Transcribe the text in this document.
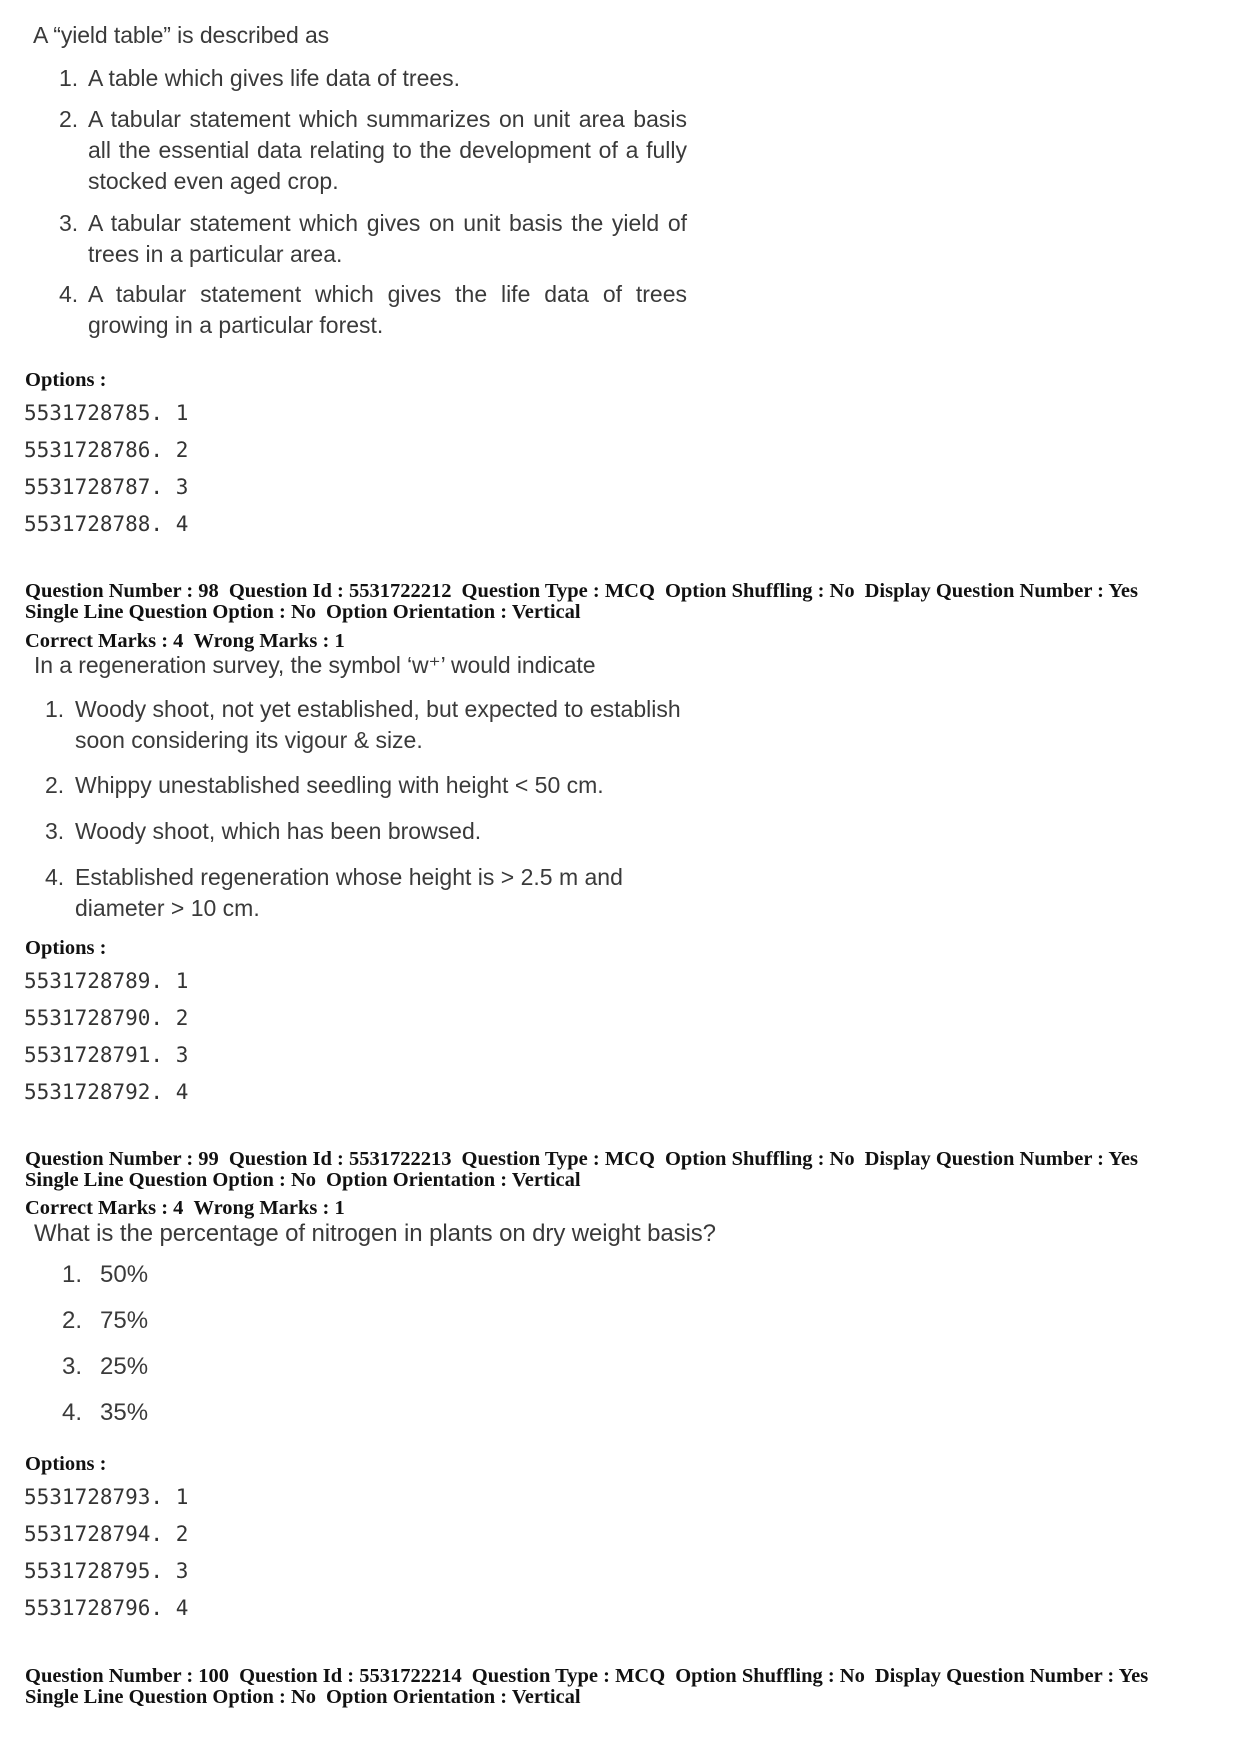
A “yield table” is described as
1. A table which gives life data of trees.
2. A tabular statement which summarizes on unit area basis all the essential data relating to the development of a fully stocked even aged crop.
3. A tabular statement which gives on unit basis the yield of trees in a particular area.
4. A tabular statement which gives the life data of trees growing in a particular forest.
Options :
5531728785. 1
5531728786. 2
5531728787. 3
5531728788. 4
Question Number : 98 Question Id : 5531722212 Question Type : MCQ Option Shuffling : No Display Question Number : Yes
Single Line Question Option : No Option Orientation : Vertical
Correct Marks : 4 Wrong Marks : 1
In a regeneration survey, the symbol ‘w⁺’ would indicate
1. Woody shoot, not yet established, but expected to establish soon considering its vigour & size.
2. Whippy unestablished seedling with height < 50 cm.
3. Woody shoot, which has been browsed.
4. Established regeneration whose height is > 2.5 m and diameter > 10 cm.
Options :
5531728789. 1
5531728790. 2
5531728791. 3
5531728792. 4
Question Number : 99 Question Id : 5531722213 Question Type : MCQ Option Shuffling : No Display Question Number : Yes
Single Line Question Option : No Option Orientation : Vertical
Correct Marks : 4 Wrong Marks : 1
What is the percentage of nitrogen in plants on dry weight basis?
1. 50%
2. 75%
3. 25%
4. 35%
Options :
5531728793. 1
5531728794. 2
5531728795. 3
5531728796. 4
Question Number : 100 Question Id : 5531722214 Question Type : MCQ Option Shuffling : No Display Question Number : Yes
Single Line Question Option : No Option Orientation : Vertical
